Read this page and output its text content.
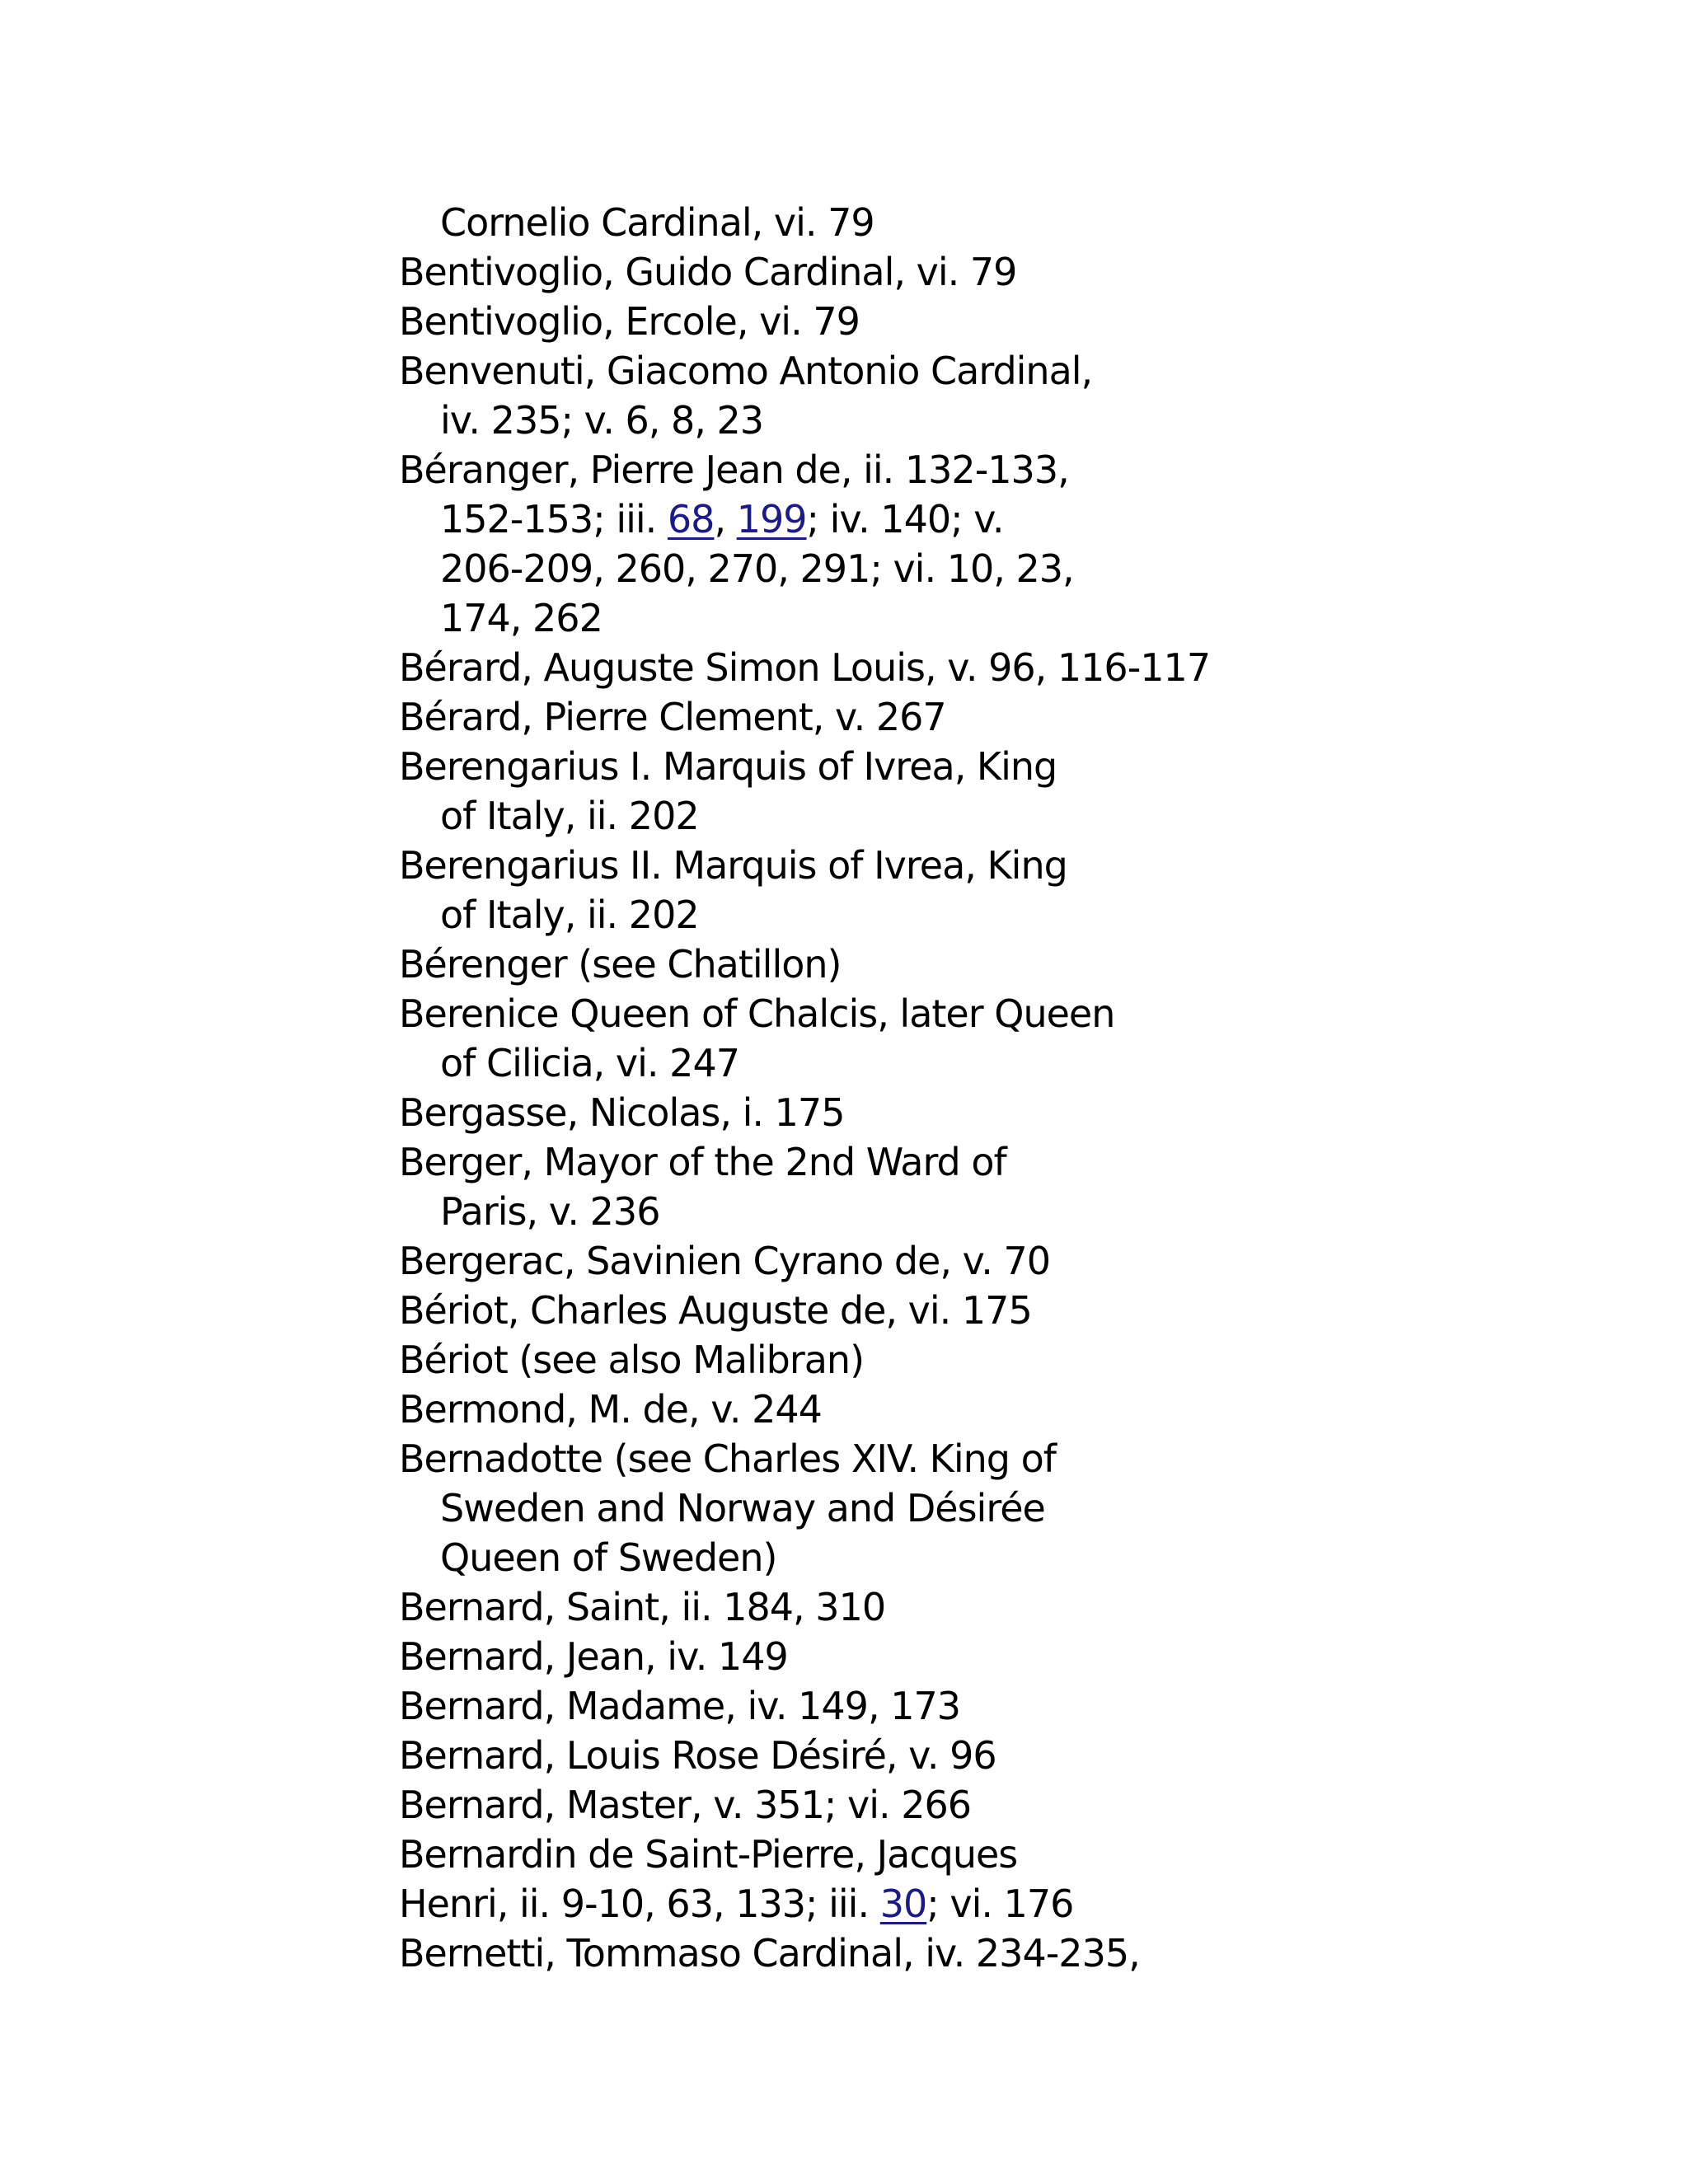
Cornelio Cardinal, vi. 79
Bentivoglio, Guido Cardinal, vi. 79
Bentivoglio, Ercole, vi. 79
Benvenuti, Giacomo Antonio Cardinal,
iv. 235; v. 6, 8, 23
Béranger, Pierre Jean de, ii. 132-133,
152-153; iii. 68, 199; iv. 140; v.
206-209, 260, 270, 291; vi. 10, 23,
174, 262
Bérard, Auguste Simon Louis, v. 96, 116-117
Bérard, Pierre Clement, v. 267
Berengarius I. Marquis of Ivrea, King
of Italy, ii. 202
Berengarius II. Marquis of Ivrea, King
of Italy, ii. 202
Bérenger (see Chatillon)
Berenice Queen of Chalcis, later Queen
of Cilicia, vi. 247
Bergasse, Nicolas, i. 175
Berger, Mayor of the 2nd Ward of
Paris, v. 236
Bergerac, Savinien Cyrano de, v. 70
Bériot, Charles Auguste de, vi. 175
Bériot (see also Malibran)
Bermond, M. de, v. 244
Bernadotte (see Charles XIV. King of
Sweden and Norway and Désirée
Queen of Sweden)
Bernard, Saint, ii. 184, 310
Bernard, Jean, iv. 149
Bernard, Madame, iv. 149, 173
Bernard, Louis Rose Désiré, v. 96
Bernard, Master, v. 351; vi. 266
Bernardin de Saint-Pierre, Jacques
Henri, ii. 9-10, 63, 133; iii. 30; vi. 176
Bernetti, Tommaso Cardinal, iv. 234-235,
